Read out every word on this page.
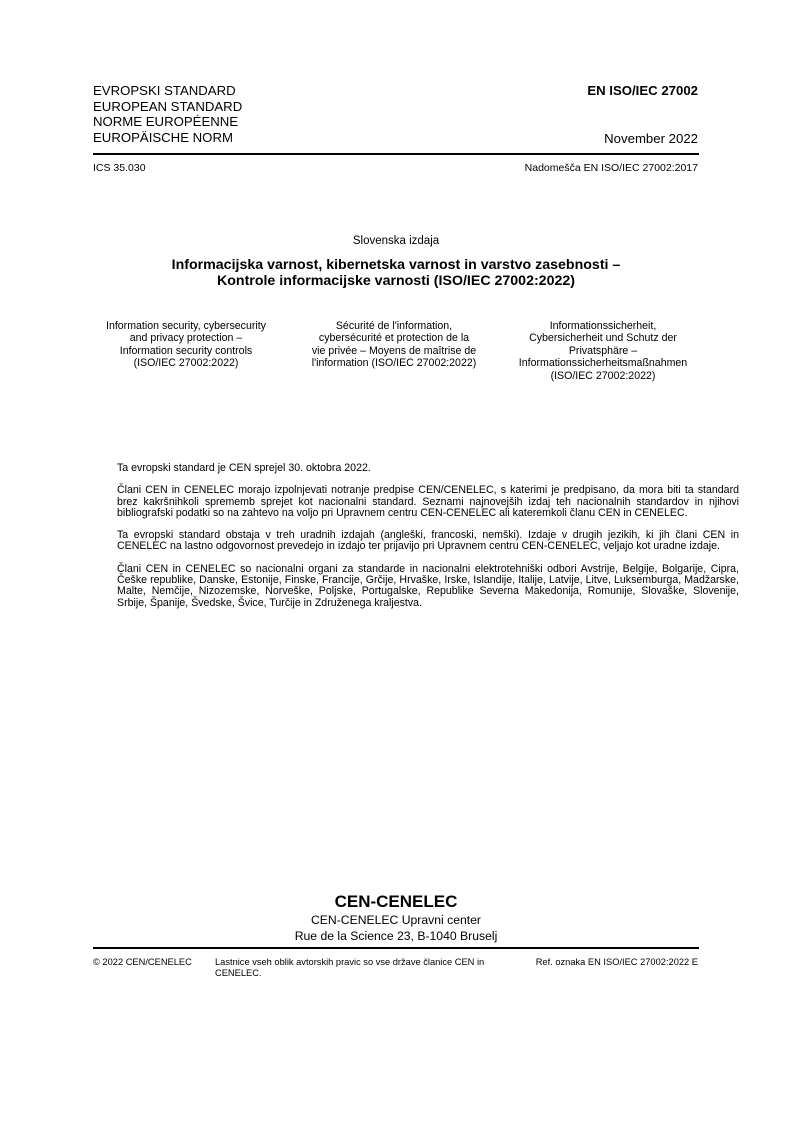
EVROPSKI STANDARD
EUROPEAN STANDARD
NORME EUROPÉENNE
EUROPÄISCHE NORM
EN ISO/IEC 27002
November 2022
ICS 35.030	Nadomešča EN ISO/IEC 27002:2017
Slovenska izdaja
Informacijska varnost, kibernetska varnost in varstvo zasebnosti –
Kontrole informacijske varnosti (ISO/IEC 27002:2022)
Information security, cybersecurity
and privacy protection –
Information security controls
(ISO/IEC 27002:2022)
Sécurité de l'information,
cybersécurité et protection de la
vie privée – Moyens de maîtrise de
l'information (ISO/IEC 27002:2022)
Informationssicherheit,
Cybersicherheit und Schutz der
Privatsphäre –
Informationssicherheitsmaßnahmen
(ISO/IEC 27002:2022)

Ta evropski standard je CEN sprejel 30. oktobra 2022.

Člani CEN in CENELEC morajo izpolnjevati notranje predpise CEN/CENELEC, s katerimi je predpisano, da mora biti ta standard brez kakršnihkoli sprememb sprejet kot nacionalni standard. Seznami najnovejših izdaj teh nacionalnih standardov in njihovi bibliografski podatki so na zahtevo na voljo pri Upravnem centru CEN-CENELEC ali kateremkoli članu CEN in CENELEC.

Ta evropski standard obstaja v treh uradnih izdajah (angleški, francoski, nemški). Izdaje v drugih jezikih, ki jih člani CEN in CENELEC na lastno odgovornost prevedejo in izdajo ter prijavijo pri Upravnem centru CEN-CENELEC, veljajo kot uradne izdaje.

Člani CEN in CENELEC so nacionalni organi za standarde in nacionalni elektrotehniški odbori Avstrije, Belgije, Bolgarije, Cipra, Češke republike, Danske, Estonije, Finske, Francije, Grčije, Hrvaške, Irske, Islandije, Italije, Latvije, Litve, Luksemburga, Madžarske, Malte, Nemčije, Nizozemske, Norveške, Poljske, Portugalske, Republike Severna Makedonija, Romunije, Slovaške, Slovenije, Srbije, Španije, Švedske, Švice, Turčije in Združenega kraljestva.

CEN-CENELEC
CEN-CENELEC Upravni center
Rue de la Science 23, B-1040 Bruselj
© 2022 CEN/CENELEC Lastnice vseh oblik avtorskih pravic so vse države članice CEN in CENELEC.
Ref. oznaka EN ISO/IEC 27002:2022 E
